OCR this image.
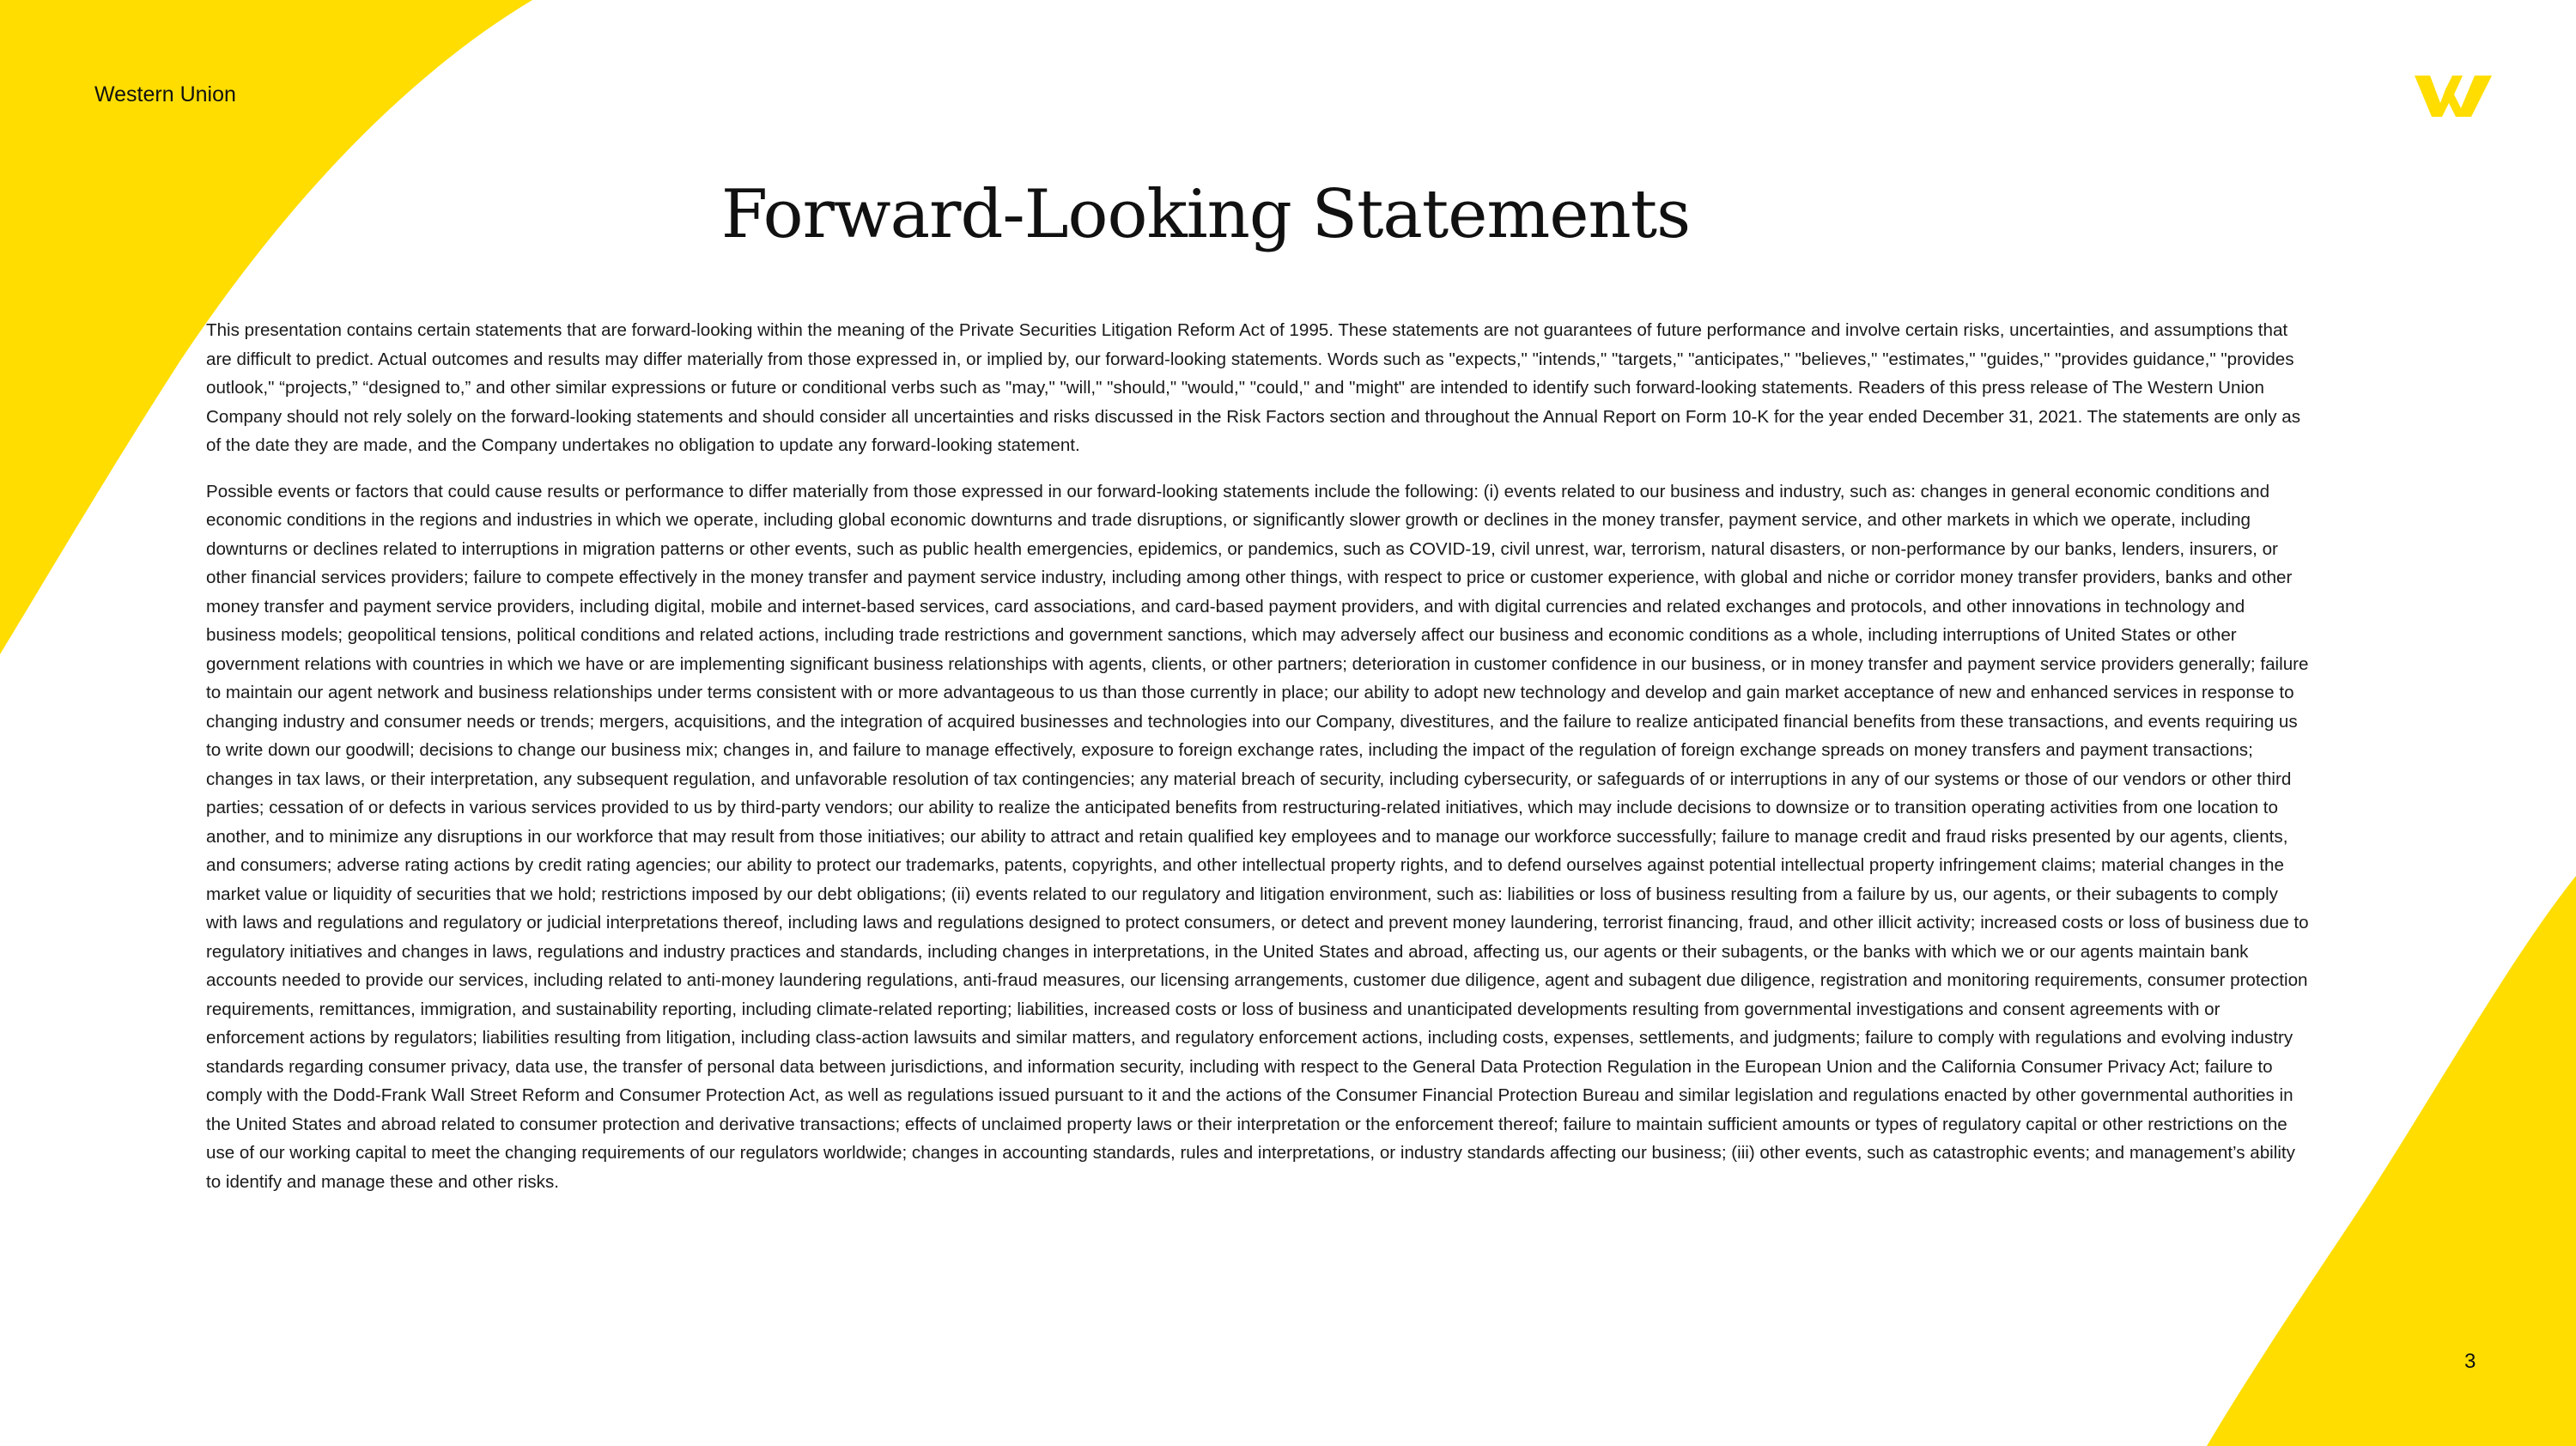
Western Union
Forward-Looking Statements

This presentation contains certain statements that are forward-looking within the meaning of the Private Securities Litigation Reform Act of 1995. These statements are not guarantees of future performance and involve certain risks, uncertainties, and assumptions that are difficult to predict. Actual outcomes and results may differ materially from those expressed in, or implied by, our forward-looking statements. Words such as "expects," "intends," "targets," "anticipates," "believes," "estimates," "guides," "provides guidance," "provides outlook," “projects,” “designed to,” and other similar expressions or future or conditional verbs such as "may," "will," "should," "would," "could," and "might" are intended to identify such forward-looking statements. Readers of this press release of The Western Union Company should not rely solely on the forward-looking statements and should consider all uncertainties and risks discussed in the Risk Factors section and throughout the Annual Report on Form 10-K for the year ended December 31, 2021. The statements are only as of the date they are made, and the Company undertakes no obligation to update any forward-looking statement.

Possible events or factors that could cause results or performance to differ materially from those expressed in our forward-looking statements include the following: (i) events related to our business and industry, such as: changes in general economic conditions and economic conditions in the regions and industries in which we operate, including global economic downturns and trade disruptions, or significantly slower growth or declines in the money transfer, payment service, and other markets in which we operate, including downturns or declines related to interruptions in migration patterns or other events, such as public health emergencies, epidemics, or pandemics, such as COVID-19, civil unrest, war, terrorism, natural disasters, or non-performance by our banks, lenders, insurers, or other financial services providers; failure to compete effectively in the money transfer and payment service industry, including among other things, with respect to price or customer experience, with global and niche or corridor money transfer providers, banks and other money transfer and payment service providers, including digital, mobile and internet-based services, card associations, and card-based payment providers, and with digital currencies and related exchanges and protocols, and other innovations in technology and business models; geopolitical tensions, political conditions and related actions, including trade restrictions and government sanctions, which may adversely affect our business and economic conditions as a whole, including interruptions of United States or other government relations with countries in which we have or are implementing significant business relationships with agents, clients, or other partners; deterioration in customer confidence in our business, or in money transfer and payment service providers generally; failure to maintain our agent network and business relationships under terms consistent with or more advantageous to us than those currently in place; our ability to adopt new technology and develop and gain market acceptance of new and enhanced services in response to changing industry and consumer needs or trends; mergers, acquisitions, and the integration of acquired businesses and technologies into our Company, divestitures, and the failure to realize anticipated financial benefits from these transactions, and events requiring us to write down our goodwill; decisions to change our business mix; changes in, and failure to manage effectively, exposure to foreign exchange rates, including the impact of the regulation of foreign exchange spreads on money transfers and payment transactions; changes in tax laws, or their interpretation, any subsequent regulation, and unfavorable resolution of tax contingencies; any material breach of security, including cybersecurity, or safeguards of or interruptions in any of our systems or those of our vendors or other third parties; cessation of or defects in various services provided to us by third-party vendors; our ability to realize the anticipated benefits from restructuring-related initiatives, which may include decisions to downsize or to transition operating activities from one location to another, and to minimize any disruptions in our workforce that may result from those initiatives; our ability to attract and retain qualified key employees and to manage our workforce successfully; failure to manage credit and fraud risks presented by our agents, clients, and consumers; adverse rating actions by credit rating agencies; our ability to protect our trademarks, patents, copyrights, and other intellectual property rights, and to defend ourselves against potential intellectual property infringement claims; material changes in the market value or liquidity of securities that we hold; restrictions imposed by our debt obligations; (ii) events related to our regulatory and litigation environment, such as: liabilities or loss of business resulting from a failure by us, our agents, or their subagents to comply with laws and regulations and regulatory or judicial interpretations thereof, including laws and regulations designed to protect consumers, or detect and prevent money laundering, terrorist financing, fraud, and other illicit activity; increased costs or loss of business due to regulatory initiatives and changes in laws, regulations and industry practices and standards, including changes in interpretations, in the United States and abroad, affecting us, our agents or their subagents, or the banks with which we or our agents maintain bank accounts needed to provide our services, including related to anti-money laundering regulations, anti-fraud measures, our licensing arrangements, customer due diligence, agent and subagent due diligence, registration and monitoring requirements, consumer protection requirements, remittances, immigration, and sustainability reporting, including climate-related reporting; liabilities, increased costs or loss of business and unanticipated developments resulting from governmental investigations and consent agreements with or enforcement actions by regulators; liabilities resulting from litigation, including class-action lawsuits and similar matters, and regulatory enforcement actions, including costs, expenses, settlements, and judgments; failure to comply with regulations and evolving industry standards regarding consumer privacy, data use, the transfer of personal data between jurisdictions, and information security, including with respect to the General Data Protection Regulation in the European Union and the California Consumer Privacy Act; failure to comply with the Dodd-Frank Wall Street Reform and Consumer Protection Act, as well as regulations issued pursuant to it and the actions of the Consumer Financial Protection Bureau and similar legislation and regulations enacted by other governmental authorities in the United States and abroad related to consumer protection and derivative transactions; effects of unclaimed property laws or their interpretation or the enforcement thereof; failure to maintain sufficient amounts or types of regulatory capital or other restrictions on the use of our working capital to meet the changing requirements of our regulators worldwide; changes in accounting standards, rules and interpretations, or industry standards affecting our business; (iii) other events, such as catastrophic events; and management’s ability to identify and manage these and other risks.

3
